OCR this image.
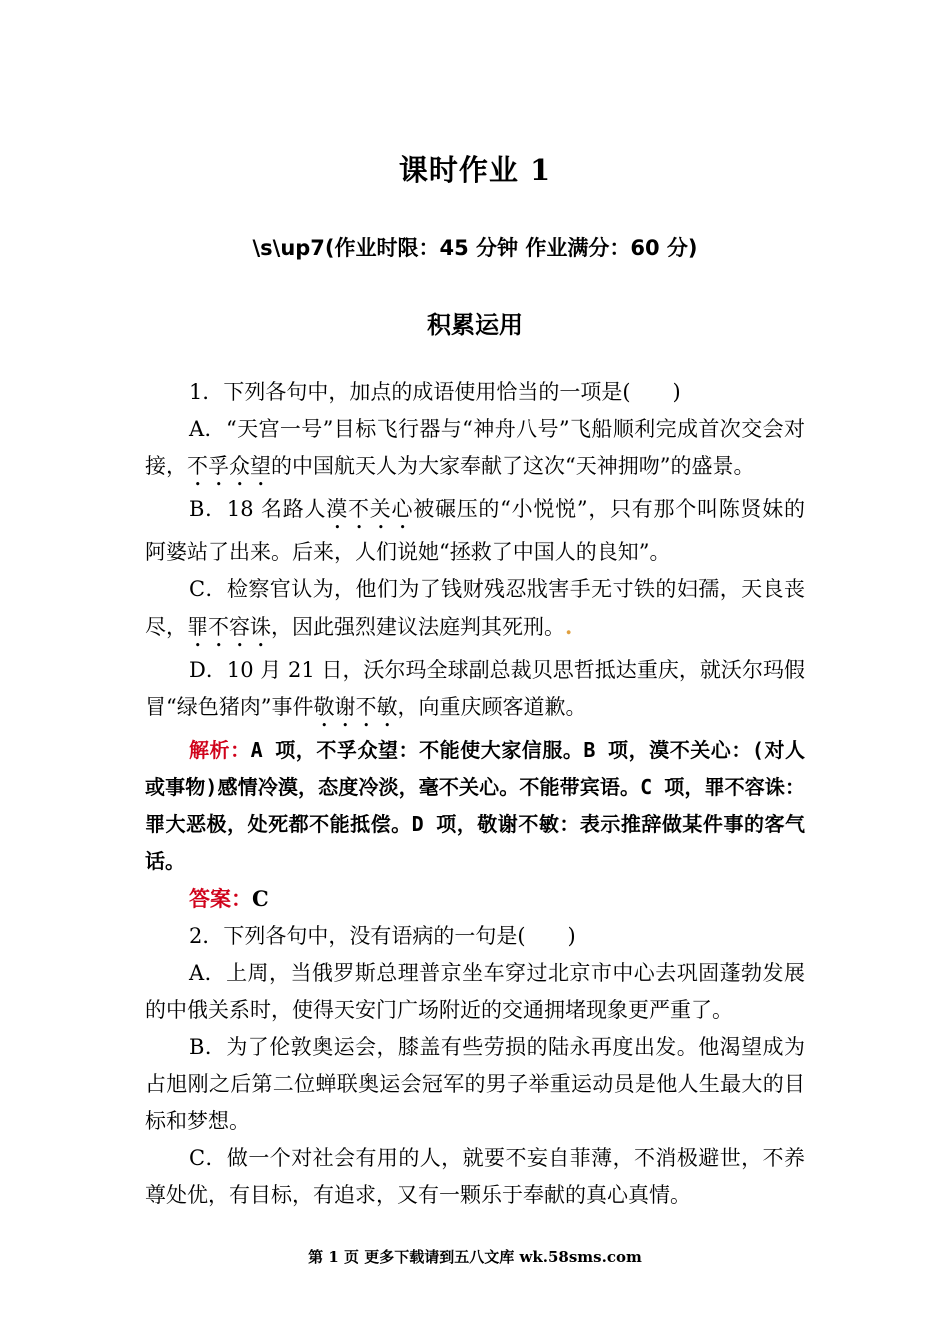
课时作业 1
\s\up7(作业时限：45 分钟 作业满分：60 分)
积累运用

1．下列各句中，加点的成语使用恰当的一项是(　　)

A．“天宫一号”目标飞行器与“神舟八号”飞船顺利完成首次交会对接，不孚众望的中国航天人为大家奉献了这次“天神拥吻”的盛景。

B．18 名路人漠不关心被碾压的“小悦悦”，只有那个叫陈贤妹的阿婆站了出来。后来，人们说她“拯救了中国人的良知”。

C．检察官认为，他们为了钱财残忍戕害手无寸铁的妇孺，天良丧尽，罪不容诛，因此强烈建议法庭判其死刑。.

D．10 月 21 日，沃尔玛全球副总裁贝思哲抵达重庆，就沃尔玛假冒“绿色猪肉”事件敬谢不敏，向重庆顾客道歉。

解析：A 项，不孚众望：不能使大家信服。B 项，漠不关心：(对人或事物)感情冷漠，态度冷淡，毫不关心。不能带宾语。C 项，罪不容诛：罪大恶极，处死都不能抵偿。D 项，敬谢不敏：表示推辞做某件事的客气话。

答案：C

2．下列各句中，没有语病的一句是(　　)

A．上周，当俄罗斯总理普京坐车穿过北京市中心去巩固蓬勃发展的中俄关系时，使得天安门广场附近的交通拥堵现象更严重了。

B．为了伦敦奥运会，膝盖有些劳损的陆永再度出发。他渴望成为占旭刚之后第二位蝉联奥运会冠军的男子举重运动员是他人生最大的目标和梦想。

C．做一个对社会有用的人，就要不妄自菲薄，不消极避世，不养尊处优，有目标，有追求，又有一颗乐于奉献的真心真情。

第 1 页 更多下载请到五八文库 wk.58sms.com
